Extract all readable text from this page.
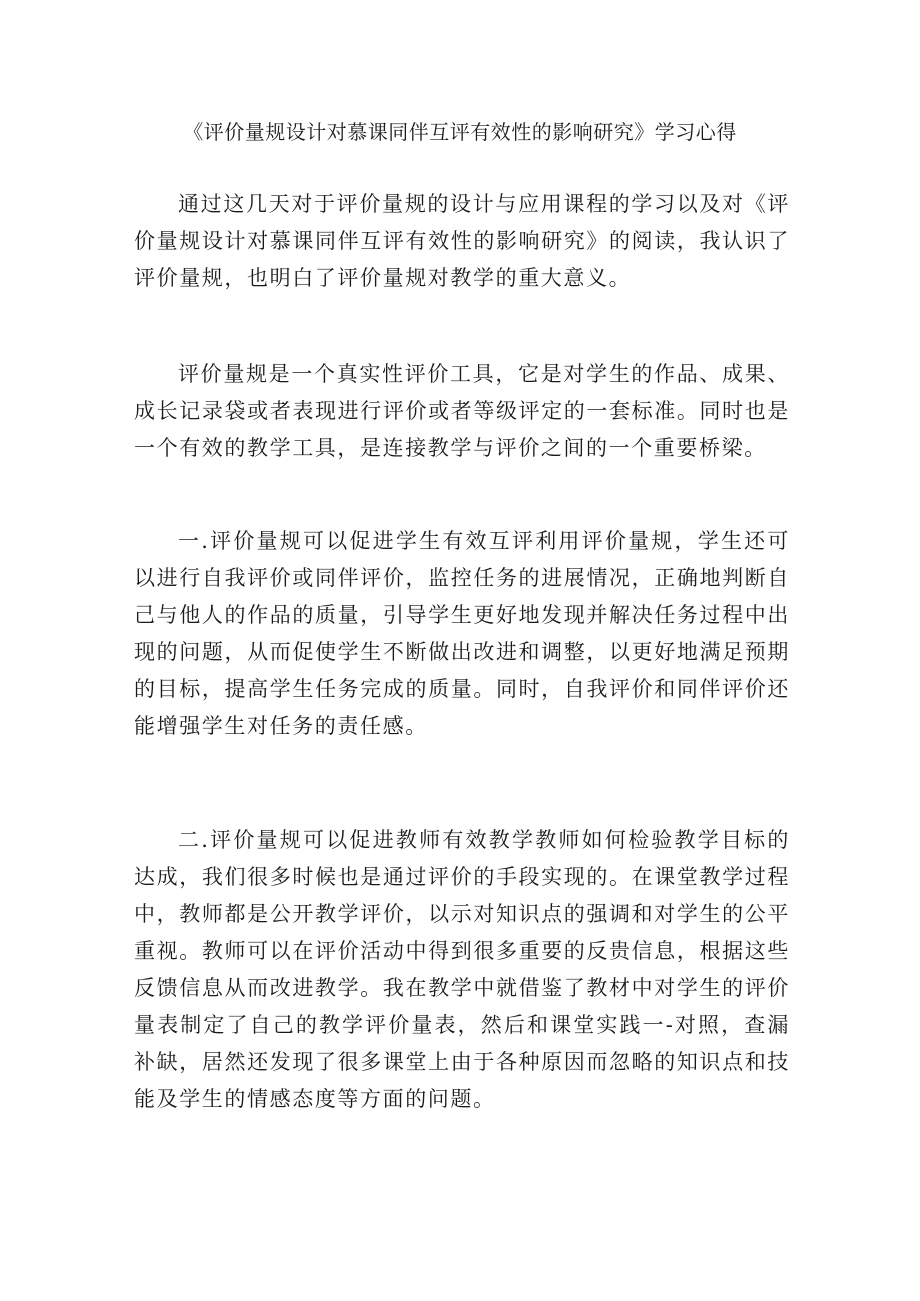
《评价量规设计对慕课同伴互评有效性的影响研究》学习心得

通过这几天对于评价量规的设计与应用课程的学习以及对《评价量规设计对慕课同伴互评有效性的影响研究》的阅读，我认识了评价量规，也明白了评价量规对教学的重大意义。

评价量规是一个真实性评价工具，它是对学生的作品、成果、成长记录袋或者表现进行评价或者等级评定的一套标准。同时也是一个有效的教学工具，是连接教学与评价之间的一个重要桥梁。

一.评价量规可以促进学生有效互评利用评价量规，学生还可以进行自我评价或同伴评价，监控任务的进展情况，正确地判断自己与他人的作品的质量，引导学生更好地发现并解决任务过程中出现的问题，从而促使学生不断做出改进和调整，以更好地满足预期的目标，提高学生任务完成的质量。同时，自我评价和同伴评价还能增强学生对任务的责任感。

二.评价量规可以促进教师有效教学教师如何检验教学目标的达成，我们很多时候也是通过评价的手段实现的。在课堂教学过程中，教师都是公开教学评价，以示对知识点的强调和对学生的公平重视。教师可以在评价活动中得到很多重要的反贵信息，根据这些反馈信息从而改进教学。我在教学中就借鉴了教材中对学生的评价量表制定了自己的教学评价量表，然后和课堂实践一-对照，查漏补缺，居然还发现了很多课堂上由于各种原因而忽略的知识点和技能及学生的情感态度等方面的问题。
